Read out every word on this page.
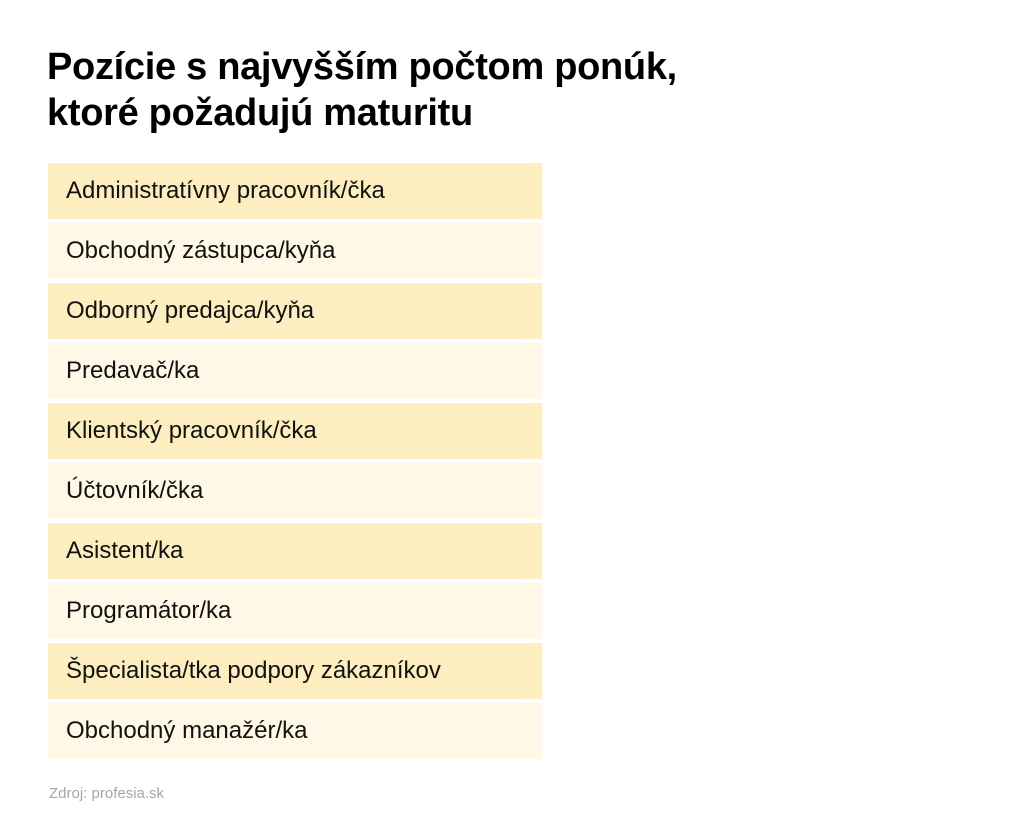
Pozície s najvyšším počtom ponúk,
ktoré požadujú maturitu
Administratívny pracovník/čka
Obchodný zástupca/kyňa
Odborný predajca/kyňa
Predavač/ka
Klientský pracovník/čka
Účtovník/čka
Asistent/ka
Programátor/ka
Špecialista/tka podpory zákazníkov
Obchodný manažér/ka
Zdroj: profesia.sk
